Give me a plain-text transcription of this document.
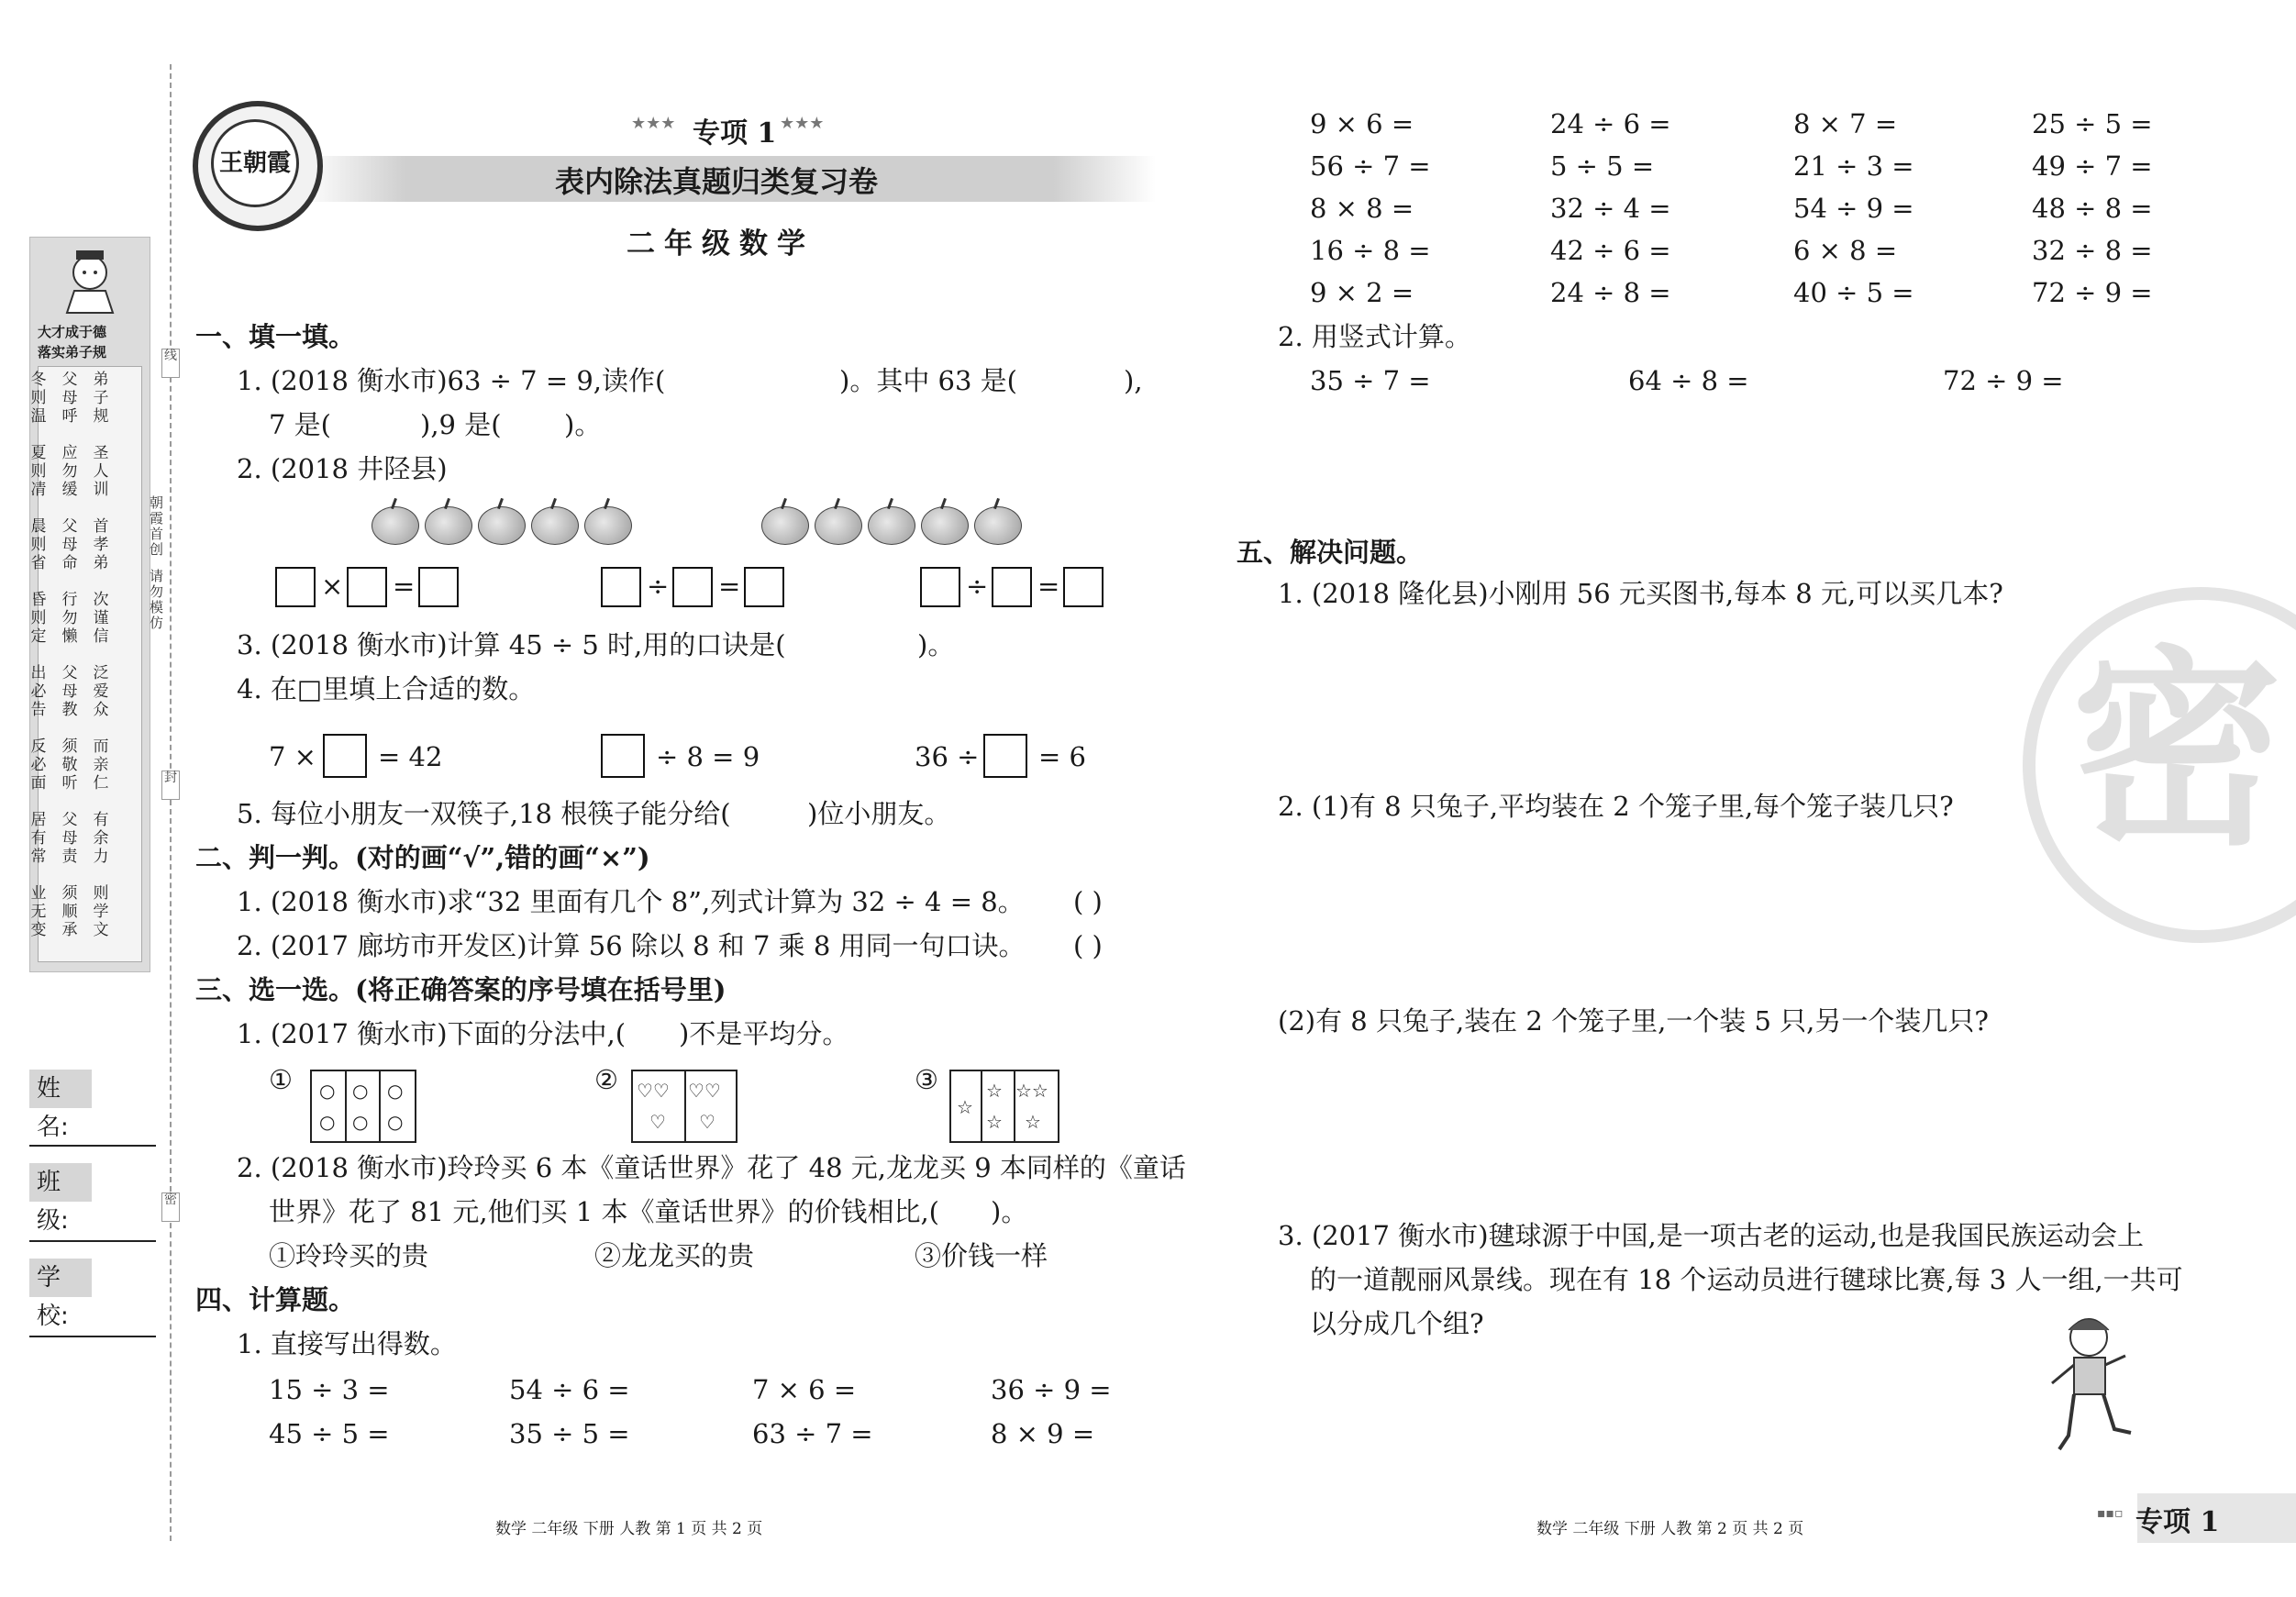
大才成于德
落实弟子规
弟子规
父母呼
冬则温
圣人训
应勿缓
夏则凊
首孝弟
父母命
晨则省
次谨信
行勿懒
昏则定
泛爱众
父母教
出必告
而亲仁
须敬听
反必面
有余力
父母责
居有常
则学文
须顺承
业无变
朝霞首创
请勿模仿
线
封
密
姓 名:
班 级:
学 校:
王朝霞
★★★ 专项 1 ★★★
表内除法真题归类复习卷
二年级数学
一、填一填。
1. (2018 衡水市)63 ÷ 7 = 9,读作(	)。其中 63 是(	),
7 是(	),9 是( )。
2. (2018 井陉县)
× =	÷ =	÷ =
3. (2018 衡水市)计算 45 ÷ 5 时,用的口诀是(	)。
4. 在□里填上合适的数。
7 × = 42	÷ 8 = 9	36 ÷ = 6
5. 每位小朋友一双筷子,18 根筷子能分给(	)位小朋友。
二、判一判。(对的画“√”,错的画“×”)
1. (2018 衡水市)求“32 里面有几个 8”,列式计算为 32 ÷ 4 = 8。 ( )
2. (2017 廊坊市开发区)计算 56 除以 8 和 7 乘 8 用同一句口诀。 ( )
三、选一选。(将正确答案的序号填在括号里)
1. (2017 衡水市)下面的分法中,( )不是平均分。
① ○
○
○
○
○
○
② ♡♡
♡
♡♡
♡
③
☆
☆
☆
☆☆
☆
2. (2018 衡水市)玲玲买 6 本《童话世界》花了 48 元,龙龙买 9 本同样的《童话
世界》花了 81 元,他们买 1 本《童话世界》的价钱相比,( )。
①玲玲买的贵	②龙龙买的贵	③价钱一样
四、计算题。
1. 直接写出得数。
15 ÷ 3 =	54 ÷ 6 =	7 × 6 =	36 ÷ 9 =
45 ÷ 5 =	35 ÷ 5 =	63 ÷ 7 =	8 × 9 =
9 × 6 =	24 ÷ 6 =	8 × 7 =	25 ÷ 5 =
56 ÷ 7 =	5 ÷ 5 =	21 ÷ 3 =	49 ÷ 7 =
8 × 8 =	32 ÷ 4 =	54 ÷ 9 =	48 ÷ 8 =
16 ÷ 8 =	42 ÷ 6 =	6 × 8 =	32 ÷ 8 =
9 × 2 =	24 ÷ 8 =	40 ÷ 5 =	72 ÷ 9 =
2. 用竖式计算。
35 ÷ 7 =	64 ÷ 8 =	72 ÷ 9 =
五、解决问题。
1. (2018 隆化县)小刚用 56 元买图书,每本 8 元,可以买几本?
2. (1)有 8 只兔子,平均装在 2 个笼子里,每个笼子装几只?
(2)有 8 只兔子,装在 2 个笼子里,一个装 5 只,另一个装几只?
3. (2017 衡水市)毽球源于中国,是一项古老的运动,也是我国民族运动会上
的一道靓丽风景线。现在有 18 个运动员进行毽球比赛,每 3 人一组,一共可
以分成几个组?
密
数学 二年级 下册 人教 第 1 页 共 2 页	数学 二年级 下册 人教 第 2 页 共 2 页
▪▪▫ 专项 1
